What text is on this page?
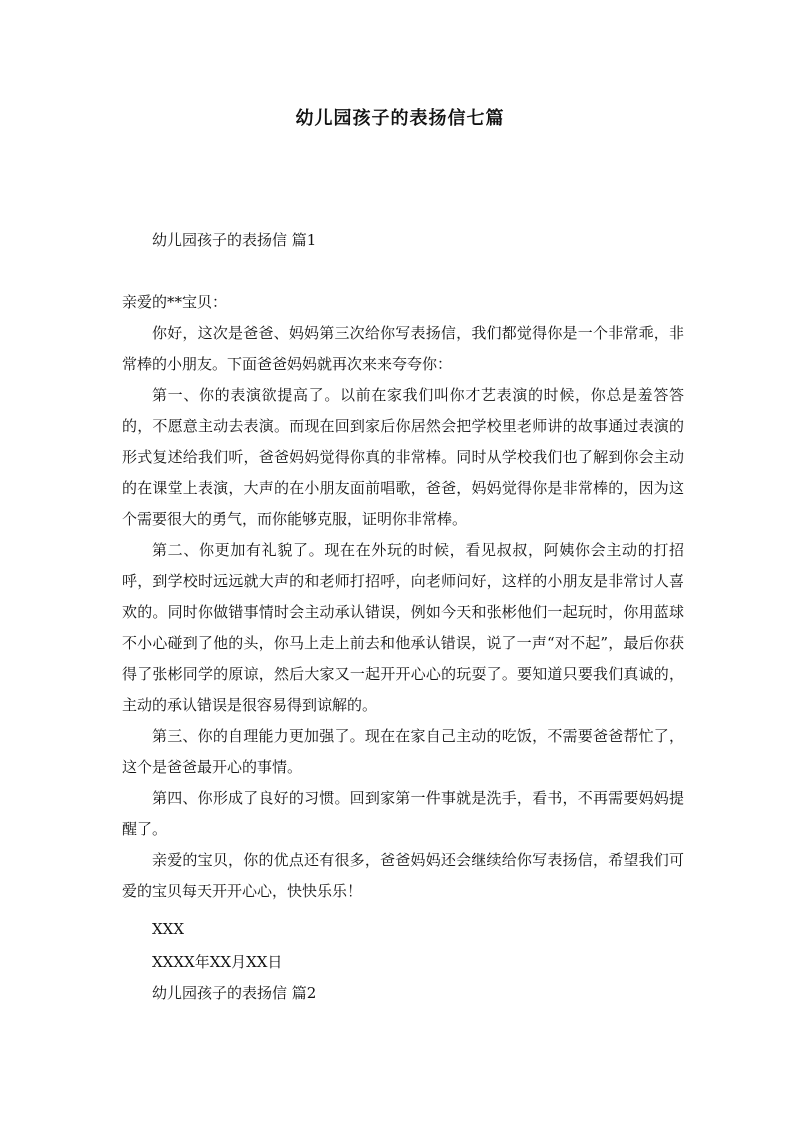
幼儿园孩子的表扬信七篇
幼儿园孩子的表扬信 篇1
亲爱的**宝贝：

你好，这次是爸爸、妈妈第三次给你写表扬信，我们都觉得你是一个非常乖，非常棒的小朋友。下面爸爸妈妈就再次来来夸夸你：

第一、你的表演欲提高了。以前在家我们叫你才艺表演的时候，你总是羞答答的，不愿意主动去表演。而现在回到家后你居然会把学校里老师讲的故事通过表演的形式复述给我们听，爸爸妈妈觉得你真的非常棒。同时从学校我们也了解到你会主动的在课堂上表演，大声的在小朋友面前唱歌，爸爸，妈妈觉得你是非常棒的，因为这个需要很大的勇气，而你能够克服，证明你非常棒。

第二、你更加有礼貌了。现在在外玩的时候，看见叔叔，阿姨你会主动的打招呼，到学校时远远就大声的和老师打招呼，向老师问好，这样的小朋友是非常讨人喜欢的。同时你做错事情时会主动承认错误，例如今天和张彬他们一起玩时，你用蓝球不小心碰到了他的头，你马上走上前去和他承认错误，说了一声“对不起”，最后你获得了张彬同学的原谅，然后大家又一起开开心心的玩耍了。要知道只要我们真诚的，主动的承认错误是很容易得到谅解的。

第三、你的自理能力更加强了。现在在家自己主动的吃饭，不需要爸爸帮忙了，这个是爸爸最开心的事情。

第四、你形成了良好的习惯。回到家第一件事就是洗手，看书，不再需要妈妈提醒了。

亲爱的宝贝，你的优点还有很多，爸爸妈妈还会继续给你写表扬信，希望我们可爱的宝贝每天开开心心，快快乐乐！

XXX
XXXX年XX月XX日
幼儿园孩子的表扬信 篇2
